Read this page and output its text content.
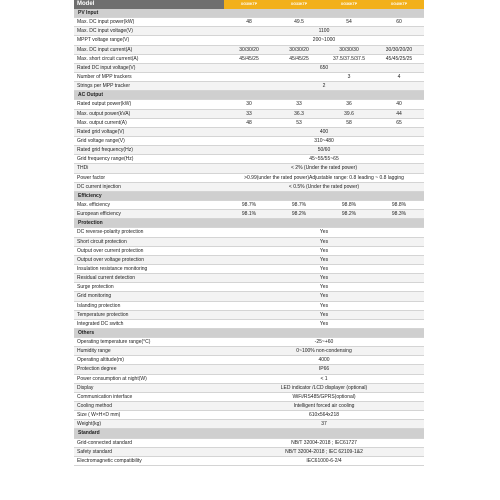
Model	XG30KTP	XG33KTP	XG36KTP	XG40KTP
PV Input
Max. DC input power(kW)	48	49.5	54	60
Max. DC input voltage(V)	1100
MPPT voltage range(V)	200~1000
Max. DC input current(A)	30/30/20	30/30/20	30/30/30	30/30/20/20
Max. short circuit current(A)	45/45/25	45/45/25	37.5/37.5/37.5	45/45/25/25
Rated DC input voltage(V)	650
Number of MPP trackers	3	4
Strings per MPP tracker	2
AC Output
Rated output power(kW)	30	33	36	40
Max. output power(kVA)	33	36.3	39.6	44
Max. output current(A)	48	53	58	65
Rated grid voltage(V)	400
Grid voltage range(V)	310~480
Rated grid frequency(Hz)	50/60
Grid frequency range(Hz)	45~55/55~65
THDi	< 2% (Under the rated power)
Power factor	>0.99(under the rated power)Adjustable range: 0.8 leading ~ 0.8 lagging
DC current injection	< 0.5% (Under the rated power)
Efficiency
Max. efficiency	98.7%	98.7%	98.8%	98.8%
European efficiency	98.1%	98.2%	98.2%	98.3%
Protection
DC reverse-polarity protection	Yes
Short circuit protection	Yes
Output over current protection	Yes
Output over voltage protection	Yes
Insulation resistance monitoring	Yes
Residual current detection	Yes
Surge protection	Yes
Grid monitoring	Yes
Islanding protection	Yes
Temperature protection	Yes
Integrated DC switch	Yes
Others
Operating temperature range(°C)	-25~+60
Humidity range	0~100% non-condensing
Operating altitude(m)	4000
Protection degree	IP66
Power consumption at night(W)	< 1
Display	LED indicator /LCD displayer (optional)
Communication interface	WiFi/RS485/GPRS(optional)
Cooling method	Intelligent forced air cooling
Size ( W×H×D mm)	610x564x218
Weight(kg)	37
Standard
Grid-connected standard	NB/T 32004-2018 ; IEC61727
Safety standard	NB/T 32004-2018 ; IEC 62109-1&2
Electromagnetic compatibility	IEC61000-6-2/4
